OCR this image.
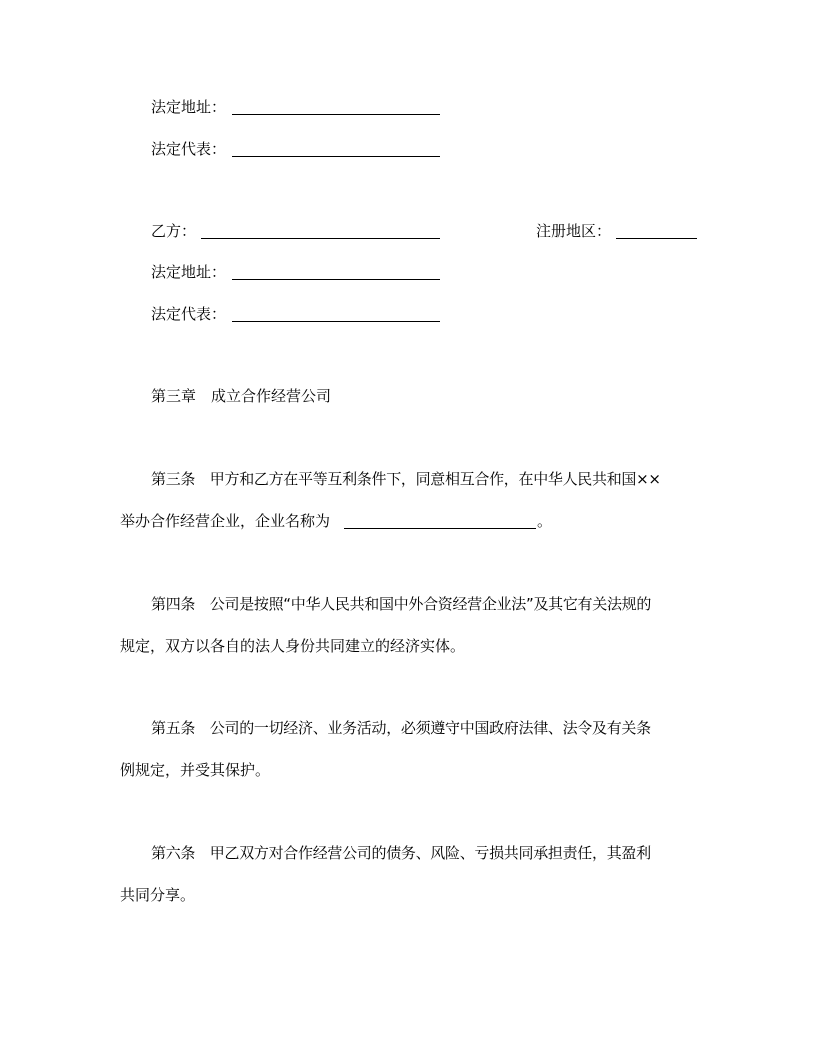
法定地址：
法定代表：
乙方：	注册地区：
法定地址：
法定代表：
第三章　成立合作经营公司
第三条　甲方和乙方在平等互利条件下，同意相互合作，在中华人民共和国××
举办合作经营企业，企业名称为	。
第四条　公司是按照“中华人民共和国中外合资经营企业法”及其它有关法规的
规定，双方以各自的法人身份共同建立的经济实体。
第五条　公司的一切经济、业务活动，必须遵守中国政府法律、法令及有关条
例规定，并受其保护。
第六条　甲乙双方对合作经营公司的债务、风险、亏损共同承担责任，其盈利
共同分享。
